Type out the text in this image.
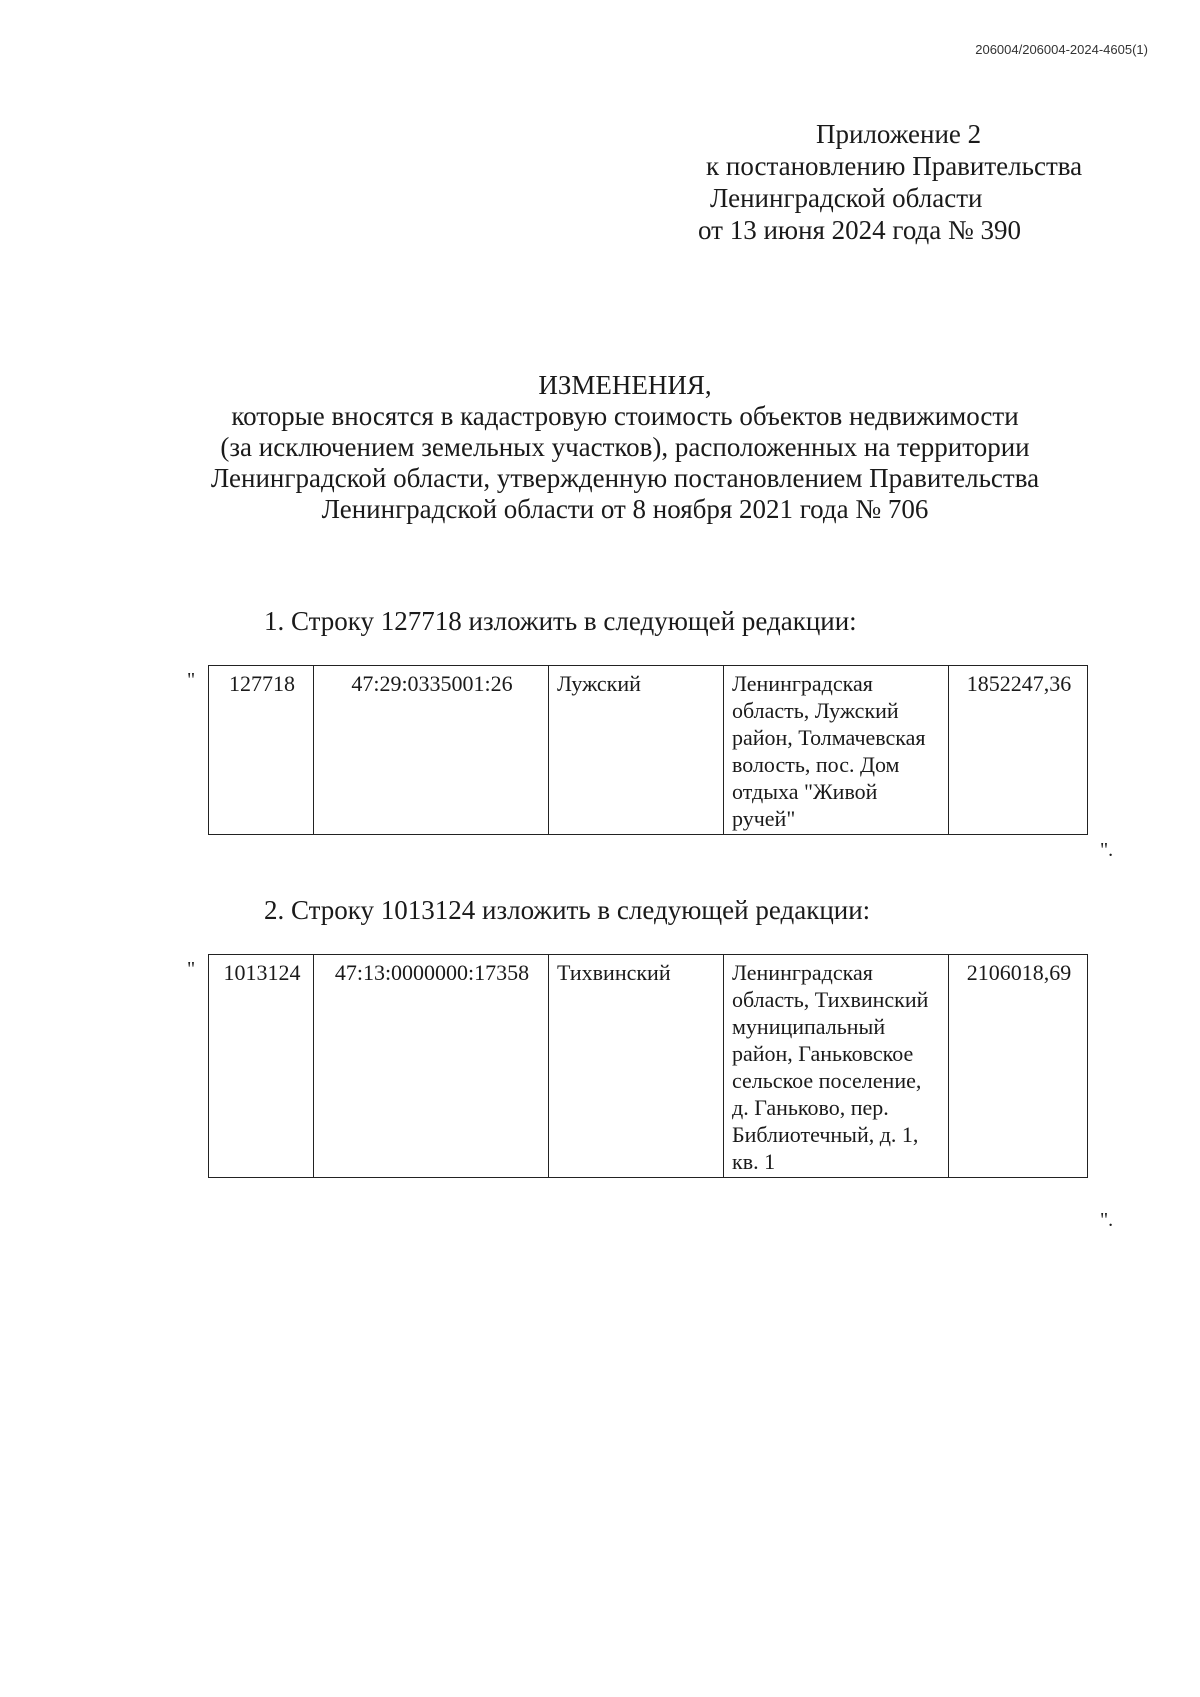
206004/206004-2024-4605(1)
Приложение 2
к постановлению Правительства
Ленинградской области
от 13 июня 2024 года № 390
ИЗМЕНЕНИЯ,
которые вносятся в кадастровую стоимость объектов недвижимости
(за исключением земельных участков), расположенных на территории
Ленинградской области, утвержденную постановлением Правительства
Ленинградской области от 8 ноября 2021 года № 706
1. Строку 127718 изложить в следующей редакции:
" 127718	47:29:0335001:26	Лужский	Ленинградская область, Лужский район, Толмачевская волость, пос. Дом отдыха "Живой ручей"	1852247,36
".
2. Строку 1013124 изложить в следующей редакции:
" 1013124	47:13:0000000:17358	Тихвинский	Ленинградская область, Тихвинский муниципальный район, Ганьковское сельское поселение, д. Ганьково, пер. Библиотечный, д. 1, кв. 1	2106018,69
".
